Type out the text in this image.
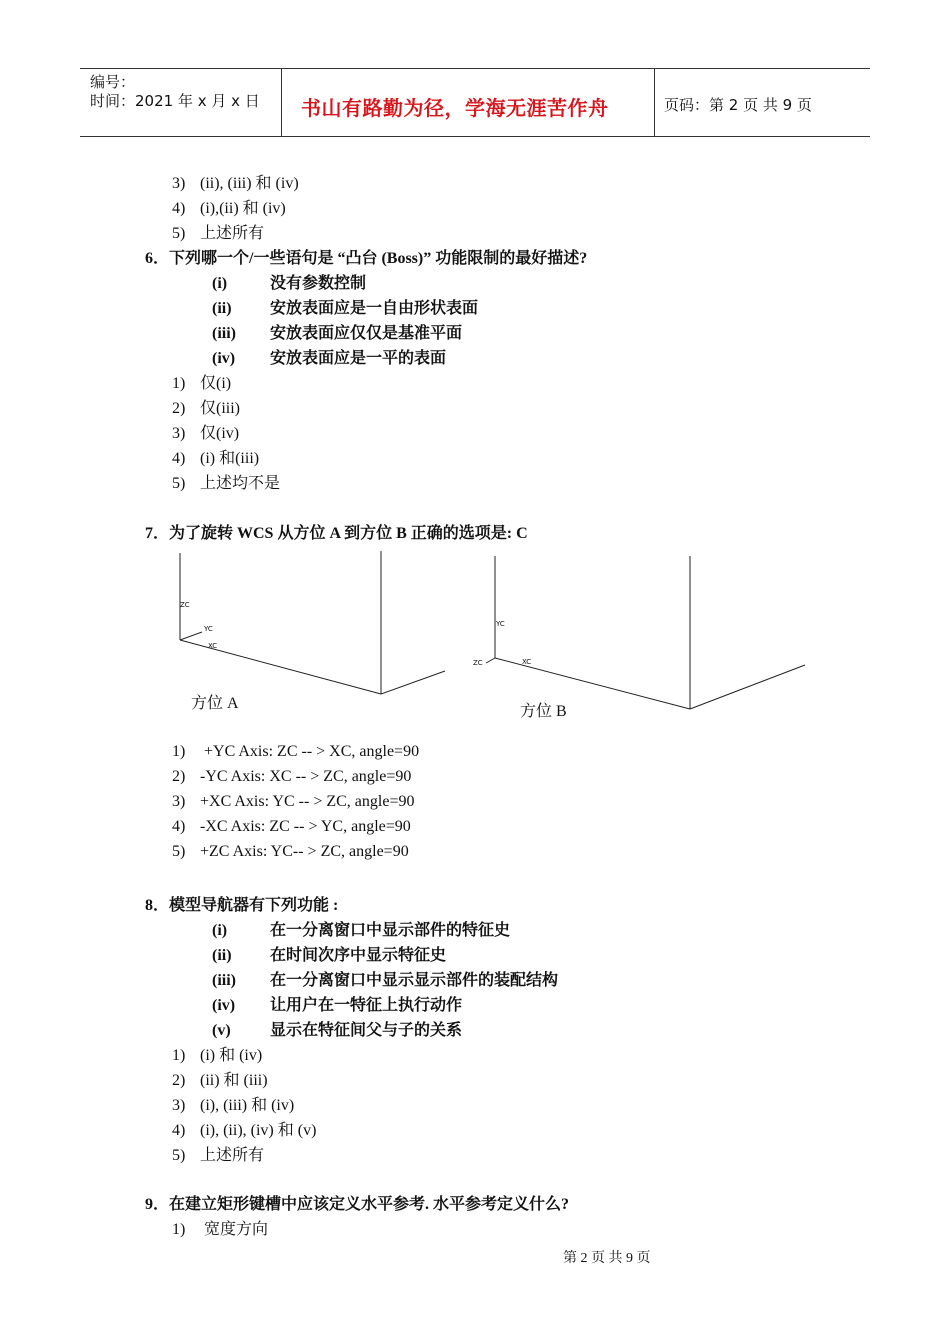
编号：
时间：2021 年 x 月 x 日 书山有路勤为径，学海无涯苦作舟	页码：第 2 页 共 9 页
3) (ii), (iii) 和 (iv)
4) (i),(ii) 和 (iv)
5) 上述所有
6．下列哪一个/一些语句是 “凸台 (Boss)” 功能限制的最好描述?
(i)	没有参数控制
(ii) 安放表面应是一自由形状表面
(iii) 安放表面应仅仅是基准平面
(iv) 安放表面应是一平的表面
1) 仅(i)
2) 仅(iii)
3) 仅(iv)
4) (i) 和(iii)
5) 上述均不是
7．为了旋转 WCS 从方位 A 到方位 B 正确的选项是: C
ZC
YC
XC
方位 A
YC
ZC	XC
方位 B
1) +YC Axis: ZC -- > XC, angle=90
2) -YC Axis: XC -- > ZC, angle=90
3) +XC Axis: YC -- > ZC, angle=90
4) -XC Axis: ZC -- > YC, angle=90
5) +ZC Axis: YC-- > ZC, angle=90
8．模型导航器有下列功能 :
(i)	在一分离窗口中显示部件的特征史
(ii) 在时间次序中显示特征史
(iii) 在一分离窗口中显示显示部件的装配结构
(iv) 让用户在一特征上执行动作
(v) 显示在特征间父与子的关系
1) (i) 和 (iv)
2) (ii) 和 (iii)
3) (i), (iii) 和 (iv)
4) (i), (ii), (iv) 和 (v)
5) 上述所有
9．在建立矩形键槽中应该定义水平参考. 水平参考定义什么?
1) 宽度方向
第 2 页 共 9 页
